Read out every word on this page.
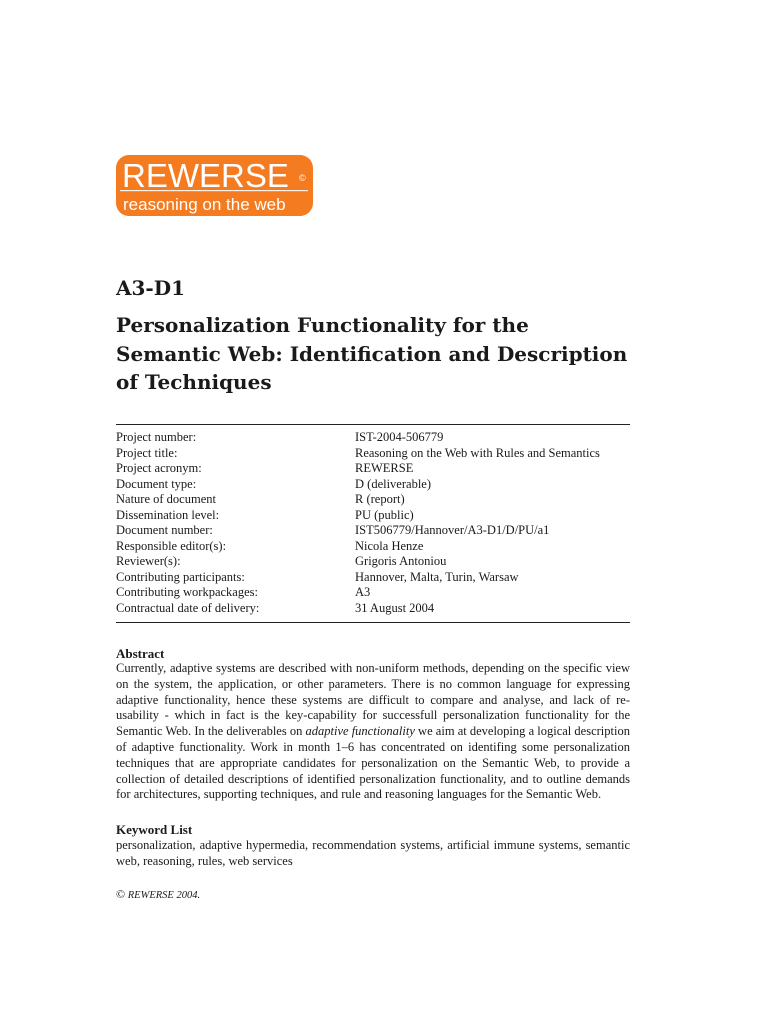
REWERSE ©
reasoning on the web
A3-D1
Personalization Functionality for the Semantic Web: Identification and Description of Techniques
Project number:	IST-2004-506779
Project title:	Reasoning on the Web with Rules and Semantics
Project acronym:	REWERSE
Document type:	D (deliverable)
Nature of document	R (report)
Dissemination level:	PU (public)
Document number:	IST506779/Hannover/A3-D1/D/PU/a1
Responsible editor(s):	Nicola Henze
Reviewer(s):	Grigoris Antoniou
Contributing participants:	Hannover, Malta, Turin, Warsaw
Contributing workpackages:	A3
Contractual date of delivery:	31 August 2004
Abstract

Currently, adaptive systems are described with non-uniform methods, depending on the specific view on the system, the application, or other parameters. There is no common language for expressing adaptive functionality, hence these systems are difficult to compare and analyse, and lack of re-usability - which in fact is the key-capability for successfull personalization functionality for the Semantic Web. In the deliverables on adaptive functionality we aim at developing a logical description of adaptive functionality. Work in month 1–6 has concentrated on identifing some personalization techniques that are appropriate candidates for personalization on the Semantic Web, to provide a collection of detailed descriptions of identified personalization functionality, and to outline demands for architectures, supporting techniques, and rule and reasoning languages for the Semantic Web.

Keyword List

personalization, adaptive hypermedia, recommendation systems, artificial immune systems, semantic web, reasoning, rules, web services

© REWERSE 2004.
